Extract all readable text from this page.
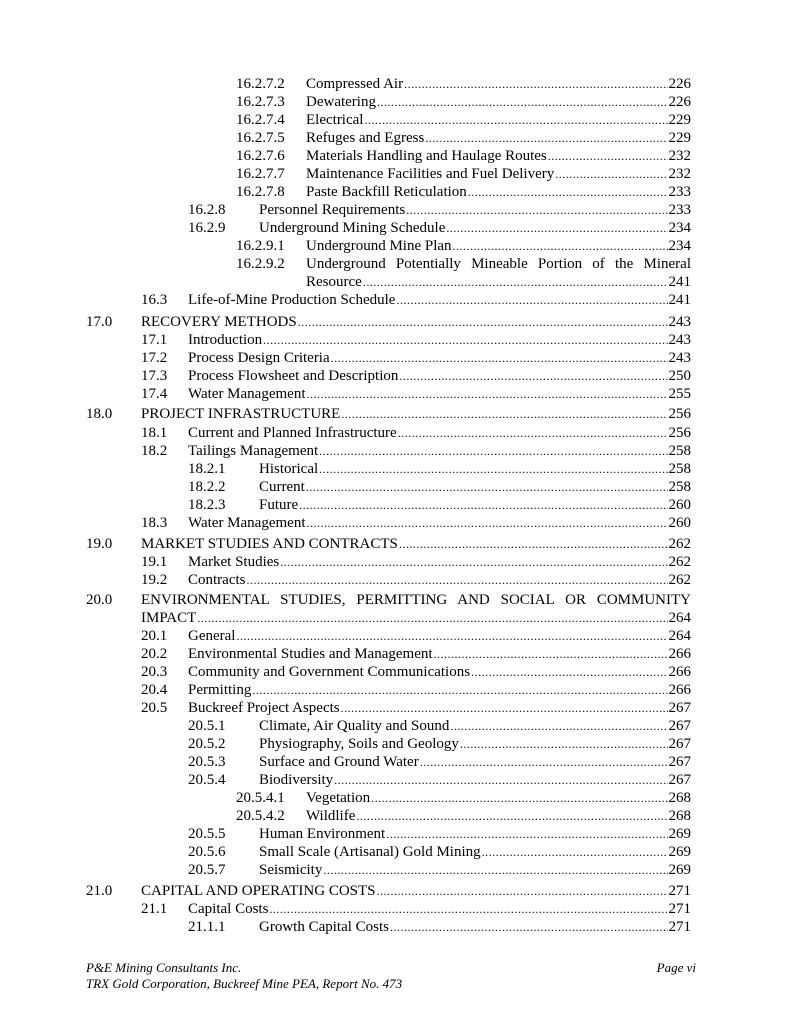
16.2.7.2 Compressed Air .....	226
16.2.7.3 Dewatering .....	226
16.2.7.4 Electrical .....	229
16.2.7.5 Refuges and Egress .....	229
16.2.7.6 Materials Handling and Haulage Routes .....	232
16.2.7.7 Maintenance Facilities and Fuel Delivery .....	232
16.2.7.8 Paste Backfill Reticulation .....	233
16.2.8 Personnel Requirements .....	233
16.2.9 Underground Mining Schedule .....	234
16.2.9.1 Underground Mine Plan .....	234
16.2.9.2 Underground Potentially Mineable Portion of the Mineral
Resource .....	241
16.3 Life-of-Mine Production Schedule .....	241
17.0 RECOVERY METHODS .....	243
17.1 Introduction .....	243
17.2 Process Design Criteria .....	243
17.3 Process Flowsheet and Description .....	250
17.4 Water Management .....	255
18.0 PROJECT INFRASTRUCTURE .....	256
18.1 Current and Planned Infrastructure .....	256
18.2 Tailings Management .....	258
18.2.1 Historical .....	258
18.2.2 Current .....	258
18.2.3 Future .....	260
18.3 Water Management .....	260
19.0 MARKET STUDIES AND CONTRACTS .....	262
19.1 Market Studies .....	262
19.2 Contracts .....	262
20.0 ENVIRONMENTAL STUDIES, PERMITTING AND SOCIAL OR COMMUNITY
IMPACT .....	264
20.1 General .....	264
20.2 Environmental Studies and Management .....	266
20.3 Community and Government Communications .....	266
20.4 Permitting .....	266
20.5 Buckreef Project Aspects .....	267
20.5.1 Climate, Air Quality and Sound .....	267
20.5.2 Physiography, Soils and Geology .....	267
20.5.3 Surface and Ground Water .....	267
20.5.4 Biodiversity .....	267
20.5.4.1 Vegetation .....	268
20.5.4.2 Wildlife .....	268
20.5.5 Human Environment .....	269
20.5.6 Small Scale (Artisanal) Gold Mining .....	269
20.5.7 Seismicity .....	269
21.0 CAPITAL AND OPERATING COSTS .....	271
21.1 Capital Costs .....	271
21.1.1 Growth Capital Costs .....	271
P&E Mining Consultants Inc.
TRX Gold Corporation, Buckreef Mine PEA, Report No. 473
Page vi
